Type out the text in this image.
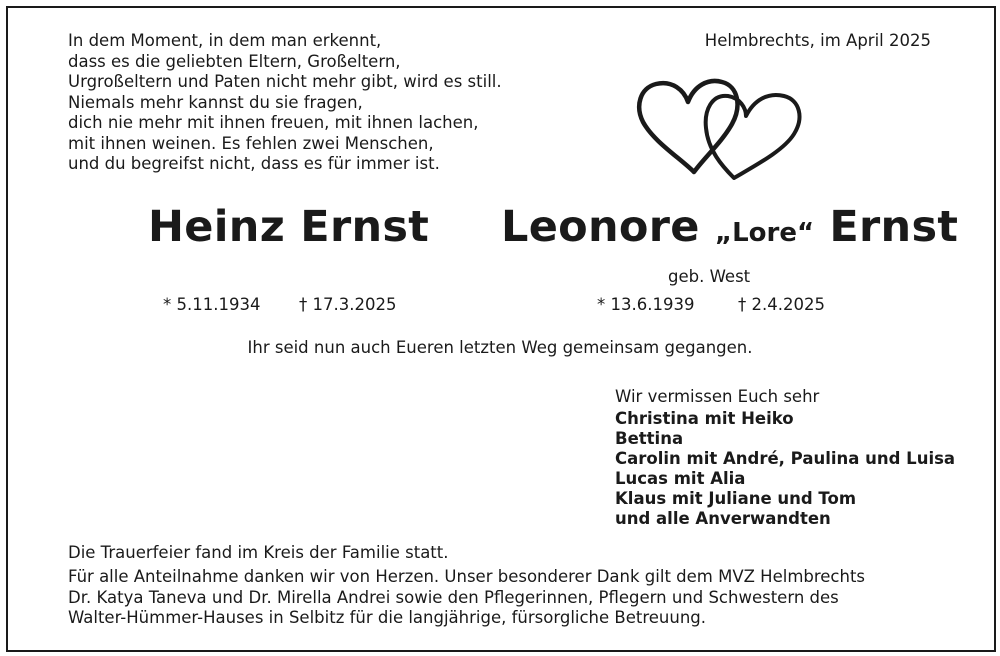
In dem Moment, in dem man erkennt,
dass es die geliebten Eltern, Großeltern,
Urgroßeltern und Paten nicht mehr gibt, wird es still.
Niemals mehr kannst du sie fragen,
dich nie mehr mit ihnen freuen, mit ihnen lachen,
mit ihnen weinen. Es fehlen zwei Menschen,
und du begreifst nicht, dass es für immer ist.
Helmbrechts, im April 2025
Heinz Ernst Leonore „Lore“ Ernst
geb. West
* 5.11.1934 † 17.3.2025	* 13.6.1939	† 2.4.2025
Ihr seid nun auch Eueren letzten Weg gemeinsam gegangen.
Wir vermissen Euch sehr
Christina mit Heiko
Bettina
Carolin mit André, Paulina und Luisa
Lucas mit Alia
Klaus mit Juliane und Tom
und alle Anverwandten
Die Trauerfeier fand im Kreis der Familie statt.
Für alle Anteilnahme danken wir von Herzen. Unser besonderer Dank gilt dem MVZ Helmbrechts
Dr. Katya Taneva und Dr. Mirella Andrei sowie den Pflegerinnen, Pflegern und Schwestern des
Walter-Hümmer-Hauses in Selbitz für die langjährige, fürsorgliche Betreuung.
